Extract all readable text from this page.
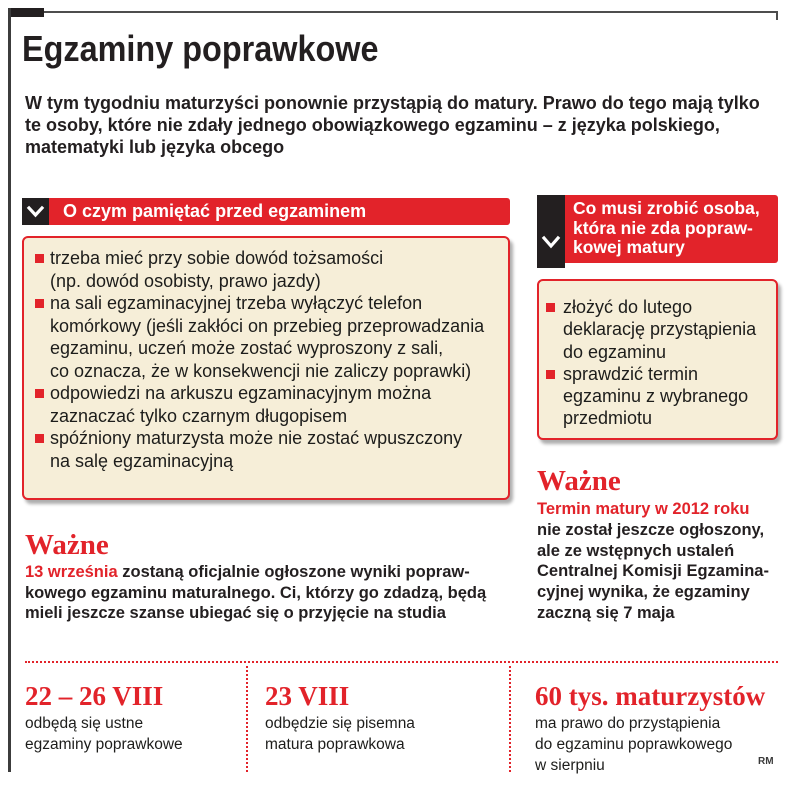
Egzaminy poprawkowe
W tym tygodniu maturzyści ponownie przystąpią do matury. Prawo do tego mają tylko
te osoby, które nie zdały jednego obowiązkowego egzaminu – z języka polskiego,
matematyki lub języka obcego
O czym pamiętać przed egzaminem
trzeba mieć przy sobie dowód tożsamości
(np. dowód osobisty, prawo jazdy)
na sali egzaminacyjnej trzeba wyłączyć telefon
komórkowy (jeśli zakłóci on przebieg przeprowadzania
egzaminu, uczeń może zostać wyproszony z sali,
co oznacza, że w konsekwencji nie zaliczy poprawki)
odpowiedzi na arkuszu egzaminacyjnym można
zaznaczać tylko czarnym długopisem
spóźniony maturzysta może nie zostać wpuszczony
na salę egzaminacyjną
Co musi zrobić osoba,
która nie zda popraw-
kowej matury
złożyć do lutego
deklarację przystąpienia
do egzaminu
sprawdzić termin
egzaminu z wybranego
przedmiotu
Ważne
Termin matury w 2012 roku
nie został jeszcze ogłoszony,
ale ze wstępnych ustaleń
Centralnej Komisji Egzamina-
cyjnej wynika, że egzaminy
zaczną się 7 maja
Ważne
13 września zostaną oficjalnie ogłoszone wyniki popraw-
kowego egzaminu maturalnego. Ci, którzy go zdadzą, będą
mieli jeszcze szanse ubiegać się o przyjęcie na studia
22 – 26 VIII
odbędą się ustne
egzaminy poprawkowe
23 VIII
odbędzie się pisemna
matura poprawkowa
60 tys. maturzystów
ma prawo do przystąpienia
do egzaminu poprawkowego
w sierpniu	RM
